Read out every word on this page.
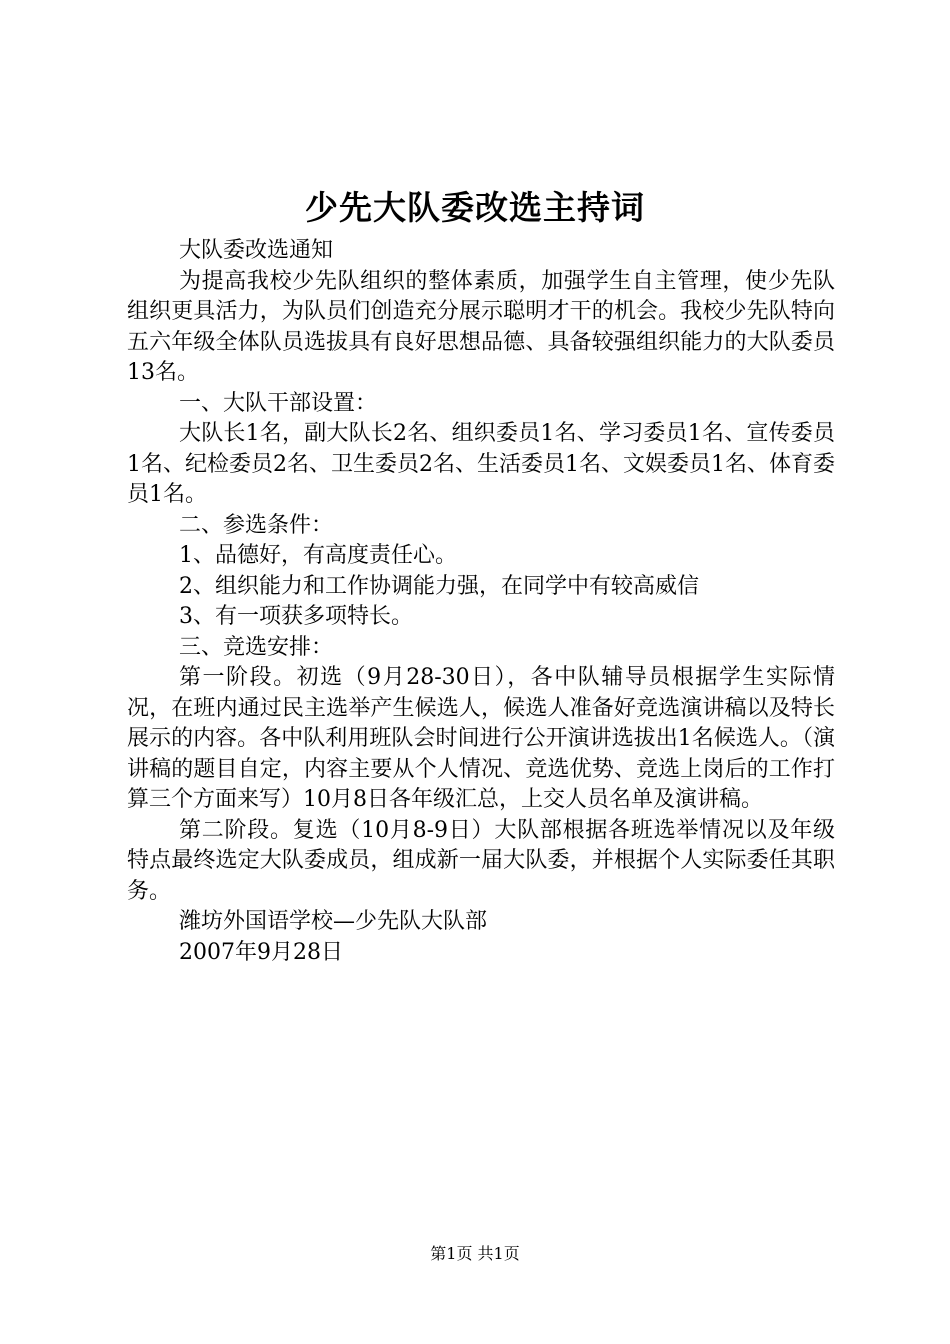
少先大队委改选主持词

大队委改选通知

为提高我校少先队组织的整体素质，加强学生自主管理，使少先队组织更具活力，为队员们创造充分展示聪明才干的机会。我校少先队特向五六年级全体队员选拔具有良好思想品德、具备较强组织能力的大队委员13名。

一、大队干部设置：

大队长1名，副大队长2名、组织委员1名、学习委员1名、宣传委员1名、纪检委员2名、卫生委员2名、生活委员1名、文娱委员1名、体育委员1名。

二、参选条件：

1、品德好，有高度责任心。

2、组织能力和工作协调能力强，在同学中有较高威信

3、有一项获多项特长。

三、竞选安排：

第一阶段。初选（9月28-30日），各中队辅导员根据学生实际情况，在班内通过民主选举产生候选人，候选人准备好竞选演讲稿以及特长展示的内容。各中队利用班队会时间进行公开演讲选拔出1名候选人。（演讲稿的题目自定，内容主要从个人情况、竞选优势、竞选上岗后的工作打算三个方面来写）10月8日各年级汇总，上交人员名单及演讲稿。

第二阶段。复选（10月8-9日）大队部根据各班选举情况以及年级特点最终选定大队委成员，组成新一届大队委，并根据个人实际委任其职务。

潍坊外国语学校—少先队大队部

2007年9月28日

第1页 共1页
